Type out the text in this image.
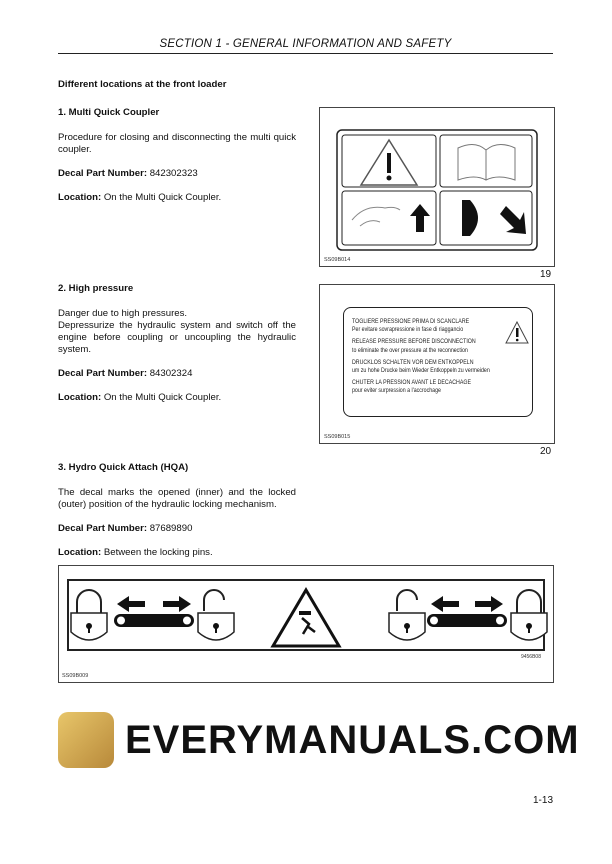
SECTION 1 - GENERAL INFORMATION AND SAFETY
Different locations at the front loader

1. Multi Quick Coupler

Procedure for closing and disconnecting the multi quick coupler.

Decal Part Number: 842302323

Location: On the Multi Quick Coupler.

2. High pressure

Danger due to high pressures.
Depressurize the hydraulic system and switch off the engine before coupling or uncoupling the hydraulic system.

Decal Part Number: 84302324

Location: On the Multi Quick Coupler.

3. Hydro Quick Attach (HQA)

The decal marks the opened (inner) and the locked (outer) position of the hydraulic locking mechanism.

Decal Part Number: 87689890

Location: Between the locking pins.

SS09B014
19
TOGLIERE PRESSIONE PRIMA DI SCANCLARE
Per evitare sovrapressione in fase di riaggancio
RELEASE PRESSURE BEFORE DISCONNECTION
to eliminate the over pressure at the reconnection
DRUCKLOS SCHALTEN VOR DEM ENTKOPPELN
um zu hohe Drucke beim Wieder Entkoppeln zu vermeiden
CHUTER LA PRESSION AVANT LE DECACHAGE
pour eviter surpression a l'accrochage
SS09B015
20
9456B08
SS09B009
EVERYMANUALS.COM
1-13
